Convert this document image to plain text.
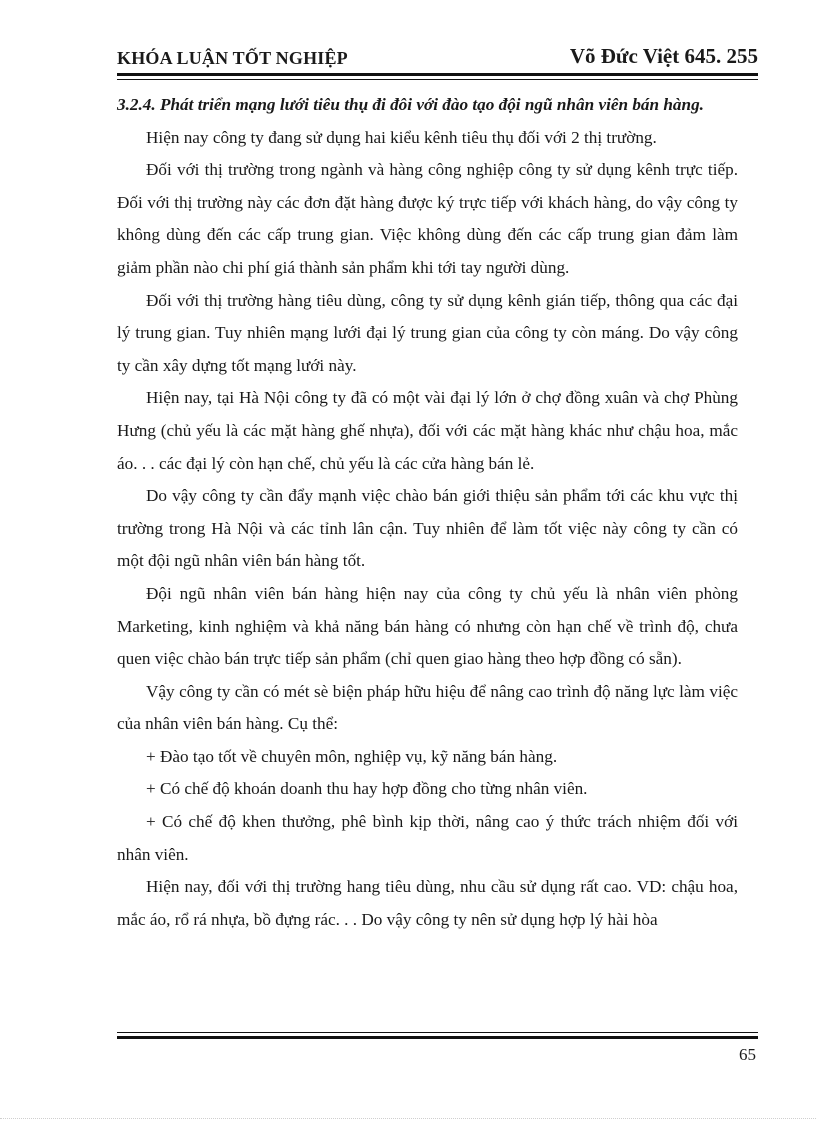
KHÓA LUẬN TỐT NGHIỆP	Võ Đức Việt 645. 255

3.2.4. Phát triển mạng lưới tiêu thụ đi đôi với đào tạo đội ngũ nhân viên bán hàng.

Hiện nay công ty đang sử dụng hai kiểu kênh tiêu thụ đối với 2 thị trường.

Đối với thị trường trong ngành và hàng công nghiệp công ty sử dụng kênh trực tiếp. Đối với thị trường này các đơn đặt hàng được ký trực tiếp với khách hàng, do vậy công ty không dùng đến các cấp trung gian. Việc không dùng đến các cấp trung gian đảm làm giảm phần nào chi phí giá thành sản phẩm khi tới tay người dùng.

Đối với thị trường hàng tiêu dùng, công ty sử dụng kênh gián tiếp, thông qua các đại lý trung gian. Tuy nhiên mạng lưới đại lý trung gian của công ty còn máng. Do vậy công ty cần xây dựng tốt mạng lưới này.

Hiện nay, tại Hà Nội công ty đã có một vài đại lý lớn ở chợ đồng xuân và chợ Phùng Hưng (chủ yếu là các mặt hàng ghế nhựa), đối với các mặt hàng khác như chậu hoa, mắc áo. . . các đại lý còn hạn chế, chủ yếu là các cửa hàng bán lẻ.

Do vậy công ty cần đẩy mạnh việc chào bán giới thiệu sản phẩm tới các khu vực thị trường trong Hà Nội và các tỉnh lân cận. Tuy nhiên để làm tốt việc này công ty cần có một đội ngũ nhân viên bán hàng tốt.

Đội ngũ nhân viên bán hàng hiện nay của công ty chủ yếu là nhân viên phòng Marketing, kinh nghiệm và khả năng bán hàng có nhưng còn hạn chế về trình độ, chưa quen việc chào bán trực tiếp sản phẩm (chỉ quen giao hàng theo hợp đồng có sẵn).

Vậy công ty cần có mét sè biện pháp hữu hiệu để nâng cao trình độ năng lực làm việc của nhân viên bán hàng. Cụ thể:

+ Đào tạo tốt về chuyên môn, nghiệp vụ, kỹ năng bán hàng.

+ Có chế độ khoán doanh thu hay hợp đồng cho từng nhân viên.

+ Có chế độ khen thưởng, phê bình kịp thời, nâng cao ý thức trách nhiệm đối với nhân viên.

Hiện nay, đối với thị trường hang tiêu dùng, nhu cầu sử dụng rất cao. VD: chậu hoa, mắc áo, rổ rá nhựa, bồ đựng rác. . . Do vậy công ty nên sử dụng hợp lý hài hòa

65
